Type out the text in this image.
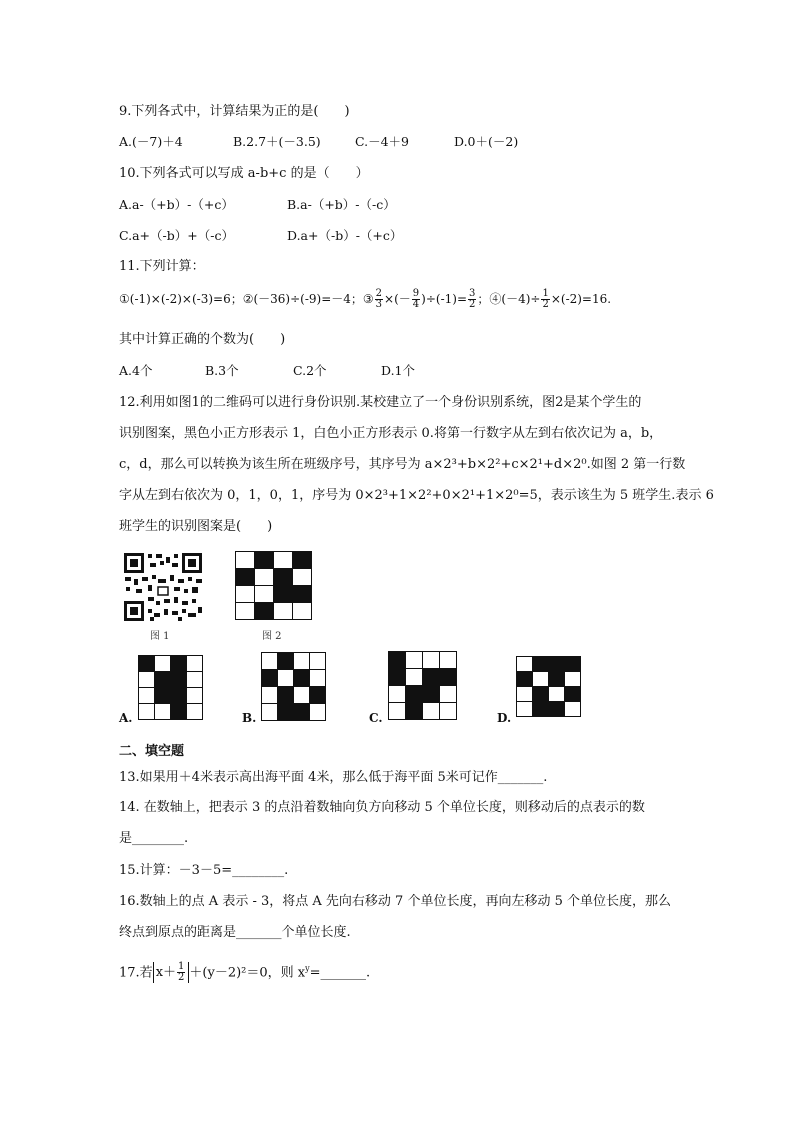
9.下列各式中，计算结果为正的是(　　)
A.(－7)＋4	B.2.7＋(－3.5)	C.－4＋9	D.0＋(－2)
10.下列各式可以写成 a-b+c 的是（　　）
A.a-（+b）-（+c）	B.a-（+b）-（-c）
C.a+（-b）+（-c）	D.a+（-b）-（+c）
11.下列计算：
①(-1)×(-2)×(-3)=6；②(－36)÷(-9)=－4；③ $\frac{2}{3}$ ×(－ $\frac{9}{4} )\div(-1)= \frac{3}{2}$ ；④(－4)÷ $\frac{1}{2} \times(-2)=16$.
其中计算正确的个数为(　　)
A.4个	B.3个	C.2个	D.1个
12.利用如图1的二维码可以进行身份识别.某校建立了一个身份识别系统，图2是某个学生的
识别图案，黑色小正方形表示 1，白色小正方形表示 0.将第一行数字从左到右依次记为 a，b，
c，d，那么可以转换为该生所在班级序号，其序号为 a×2³+b×2²+c×2¹+d×2⁰.如图 2 第一行数
字从左到右依次为 0，1，0，1，序号为 0×2³+1×2²+0×2¹+1×2⁰=5，表示该生为 5 班学生.表示 6
班学生的识别图案是(　　)
图 1	图 2
A.	B.	C.	D.
二、填空题
13.如果用＋4米表示高出海平面 4米，那么低于海平面 5米可记作_______.
14. 在数轴上，把表示 3 的点沿着数轴向负方向移动 5 个单位长度，则移动后的点表示的数
是________.
15.计算：－3－5=________.
16.数轴上的点 A 表示 - 3，将点 A 先向右移动 7 个单位长度，再向左移动 5 个单位长度，那么
终点到原点的距离是_______个单位长度.
17.若 $x+ \frac{1}{2} +(y-2)^2=0$，则 $x^y=\_\_\_\_\_\_\_$.
